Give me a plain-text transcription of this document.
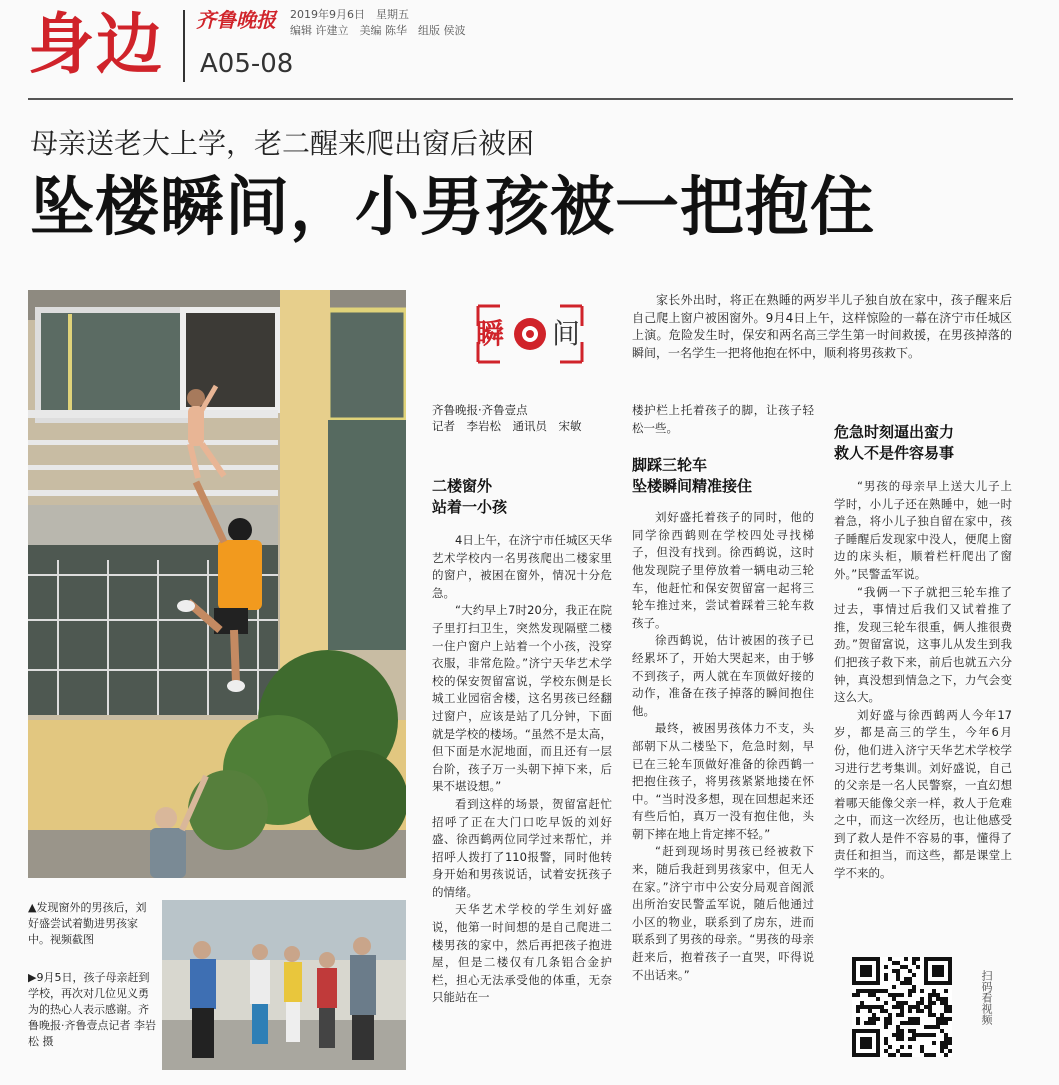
身边 齐鲁晚报 2019年9月6日　星期五
编辑 许建立　美编 陈华　组版 侯波
A05-08
母亲送老大上学，老二醒来爬出窗后被困
坠楼瞬间，小男孩被一把抱住
▲发现窗外的男孩后，刘好盛尝试着勤进男孩家中。视频截图
▶9月5日，孩子母亲赶到学校，再次对几位见义勇为的热心人表示感谢。齐鲁晚报·齐鲁壹点记者 李岩松 摄
瞬 间

家长外出时，将正在熟睡的两岁半儿子独自放在家中，孩子醒来后自己爬上窗户被困窗外。9月4日上午，这样惊险的一幕在济宁市任城区上演。危险发生时，保安和两名高三学生第一时间救援，在男孩掉落的瞬间，一名学生一把将他抱在怀中，顺利将男孩救下。

齐鲁晚报·齐鲁壹点
记者　李岩松　通讯员　宋敏
二楼窗外
站着一小孩

4日上午，在济宁市任城区天华艺术学校内一名男孩爬出二楼家里的窗户，被困在窗外，情况十分危急。

“大约早上7时20分，我正在院子里打扫卫生，突然发现隔壁二楼一住户窗户上站着一个小孩，没穿衣服，非常危险。”济宁天华艺术学校的保安贺留富说，学校东侧是长城工业园宿舍楼，这名男孩已经翻过窗户，应该是站了几分钟，下面就是学校的楼场。“虽然不是太高，但下面是水泥地面，而且还有一层台阶，孩子万一头朝下掉下来，后果不堪设想。”

看到这样的场景，贺留富赶忙招呼了正在大门口吃早饭的刘好盛、徐西鹤两位同学过来帮忙，并招呼人拨打了110报警，同时他转身开始和男孩说话，试着安抚孩子的情绪。

天华艺术学校的学生刘好盛说，他第一时间想的是自己爬进二楼男孩的家中，然后再把孩子抱进屋，但是二楼仅有几条铝合金护栏，担心无法承受他的体重，无奈只能站在一

楼护栏上托着孩子的脚，让孩子轻松一些。
脚踩三轮车
坠楼瞬间精准接住

刘好盛托着孩子的同时，他的同学徐西鹤则在学校四处寻找梯子，但没有找到。徐西鹤说，这时他发现院子里停放着一辆电动三轮车，他赶忙和保安贺留富一起将三轮车推过来，尝试着踩着三轮车救孩子。

徐西鹤说，估计被困的孩子已经累坏了，开始大哭起来，由于够不到孩子，两人就在车顶做好接的动作，准备在孩子掉落的瞬间抱住他。

最终，被困男孩体力不支，头部朝下从二楼坠下，危急时刻，早已在三轮车顶做好准备的徐西鹤一把抱住孩子，将男孩紧紧地搂在怀中。“当时没多想，现在回想起来还有些后怕，真万一没有抱住他，头朝下摔在地上肯定摔不轻。”

“赶到现场时男孩已经被救下来，随后我赶到男孩家中，但无人在家。”济宁市中公安分局观音阁派出所治安民警孟军说，随后他通过小区的物业，联系到了房东，进而联系到了男孩的母亲。“男孩的母亲赶来后，抱着孩子一直哭，吓得说不出话来。”

危急时刻逼出蛮力
救人不是件容易事

“男孩的母亲早上送大儿子上学时，小儿子还在熟睡中，她一时着急，将小儿子独自留在家中，孩子睡醒后发现家中没人，便爬上窗边的床头柜，顺着栏杆爬出了窗外。”民警孟军说。

“我俩一下子就把三轮车推了过去，事情过后我们又试着推了推，发现三轮车很重，俩人推很费劲。”贺留富说，这事儿从发生到我们把孩子救下来，前后也就五六分钟，真没想到情急之下，力气会变这么大。

刘好盛与徐西鹤两人今年17岁，都是高三的学生，今年6月份，他们进入济宁天华艺术学校学习进行艺考集训。刘好盛说，自己的父亲是一名人民警察，一直幻想着哪天能像父亲一样，救人于危难之中，而这一次经历，也让他感受到了救人是件不容易的事，懂得了责任和担当，而这些，都是课堂上学不来的。

扫码看视频
